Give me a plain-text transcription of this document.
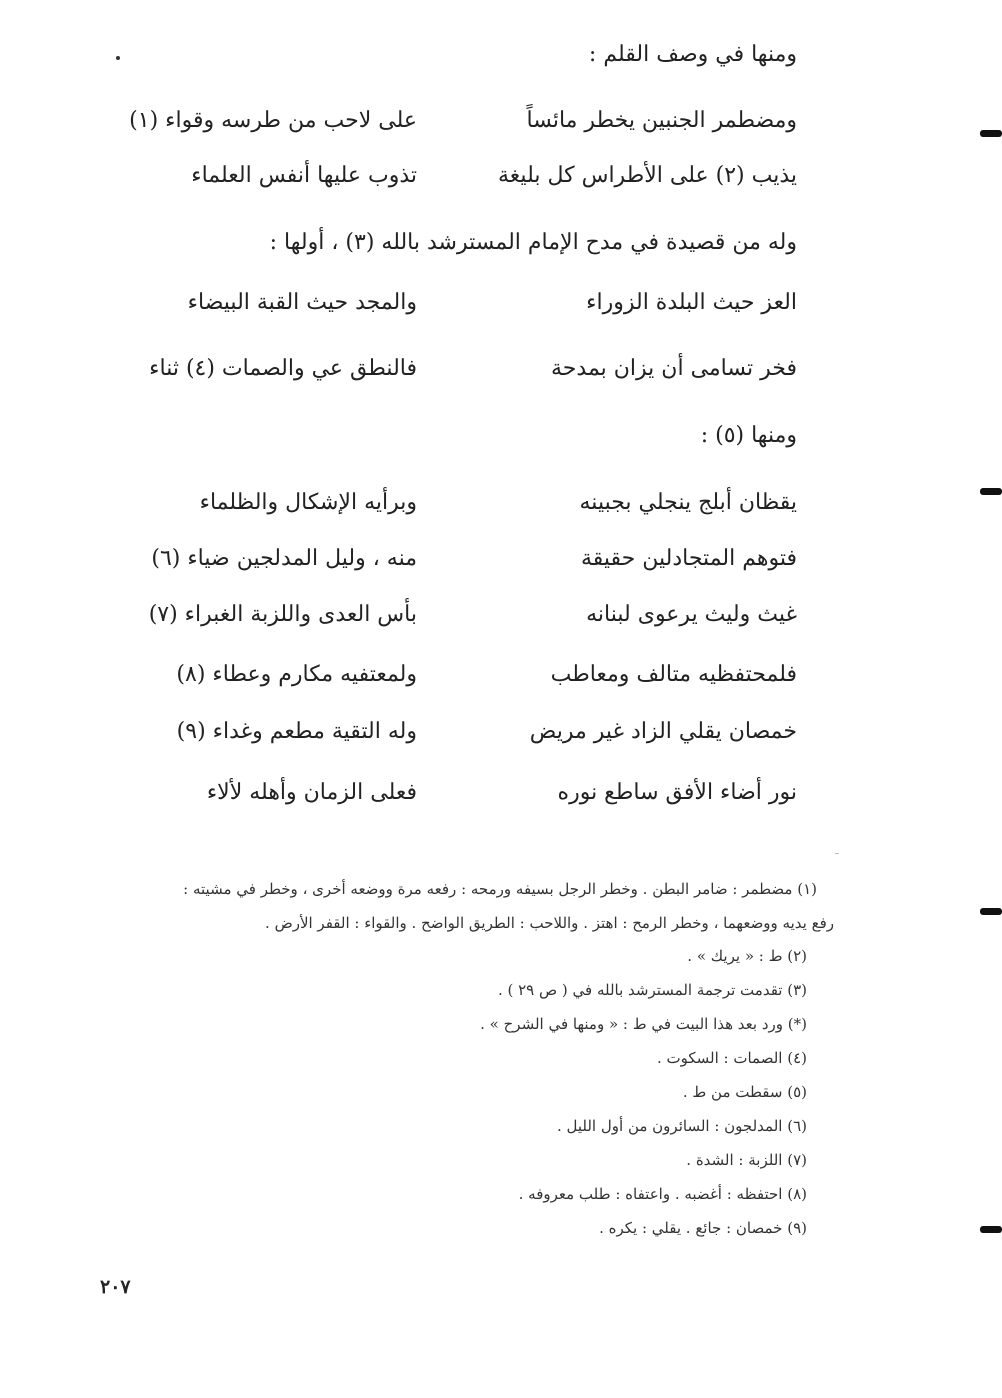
ومنها في وصف القلم :
ومضطمر الجنبين يخطر مائساً
على لاحب من طرسه وقواء (١)
يذيب (٢) على الأطراس كل بليغة
تذوب عليها أنفس العلماء
وله من قصيدة في مدح الإمام المسترشد بالله (٣) ، أولها :
العز حيث البلدة الزوراء
والمجد حيث القبة البيضاء
فخر تسامى أن يزان بمدحة
فالنطق عي والصمات (٤) ثناء
ومنها (٥) :
يقظان أبلج ينجلي بجبينه
وبرأيه الإشكال والظلماء
فتوهم المتجادلين حقيقة
منه ، وليل المدلجين ضياء (٦)
غيث وليث يرعوى لبنانه
بأس العدى واللزبة الغبراء (٧)
فلمحتفظيه متالف ومعاطب
ولمعتفيه مكارم وعطاء (٨)
خمصان يقلي الزاد غير مريض
وله التقية مطعم وغداء (٩)
نور أضاء الأفق ساطع نوره
فعلى الزمان وأهله لألاء
(١) مضطمر : ضامر البطن . وخطر الرجل بسيفه ورمحه : رفعه مرة ووضعه أخرى ، وخطر في مشيته :
رفع يديه ووضعهما ، وخطر الرمح : اهتز . واللاحب : الطريق الواضح . والقواء : القفر الأرض .
(٢) ط : « يريك » .
(٣) تقدمت ترجمة المسترشد بالله في ( ص ٢٩ ) .
(*) ورد بعد هذا البيت في ط : « ومنها في الشرح » .
(٤) الصمات : السكوت .
(٥) سقطت من ط .
(٦) المدلجون : السائرون من أول الليل .
(٧) اللزبة : الشدة .
(٨) احتفظه : أغضبه . واعتفاه : طلب معروفه .
(٩) خمصان : جائع . يقلي : يكره .
٢٠٧
